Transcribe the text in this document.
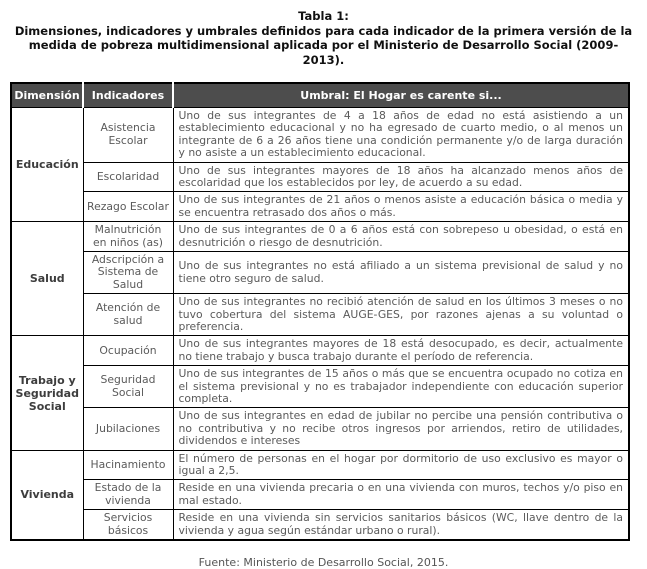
Tabla 1:
Dimensiones, indicadores y umbrales definidos para cada indicador de la primera versión de la medida de pobreza multidimensional aplicada por el Ministerio de Desarrollo Social (2009-2013).
Dimensión	Indicadores	Umbral: El Hogar es carente si...
Educación	Asistencia Escolar	Uno de sus integrantes de 4 a 18 años de edad no está asistiendo a un establecimiento educacional y no ha egresado de cuarto medio, o al menos un integrante de 6 a 26 años tiene una condición permanente y/o de larga duración y no asiste a un establecimiento educacional.
	Escolaridad	Uno de sus integrantes mayores de 18 años ha alcanzado menos años de escolaridad que los establecidos por ley, de acuerdo a su edad.
	Rezago Escolar	Uno de sus integrantes de 21 años o menos asiste a educación básica o media y se encuentra retrasado dos años o más.
Salud	Malnutrición en niños (as)	Uno de sus integrantes de 0 a 6 años está con sobrepeso u obesidad, o está en desnutrición o riesgo de desnutrición.
	Adscripción a Sistema de Salud	Uno de sus integrantes no está afiliado a un sistema previsional de salud y no tiene otro seguro de salud.
	Atención de salud	Uno de sus integrantes no recibió atención de salud en los últimos 3 meses o no tuvo cobertura del sistema AUGE-GES, por razones ajenas a su voluntad o preferencia.
Trabajo y Seguridad Social	Ocupación	Uno de sus integrantes mayores de 18 está desocupado, es decir, actualmente no tiene trabajo y busca trabajo durante el período de referencia.
	Seguridad Social	Uno de sus integrantes de 15 años o más que se encuentra ocupado no cotiza en el sistema previsional y no es trabajador independiente con educación superior completa.
	Jubilaciones	Uno de sus integrantes en edad de jubilar no percibe una pensión contributiva o no contributiva y no recibe otros ingresos por arriendos, retiro de utilidades, dividendos e intereses
Vivienda	Hacinamiento	El número de personas en el hogar por dormitorio de uso exclusivo es mayor o igual a 2,5.
	Estado de la vivienda	Reside en una vivienda precaria o en una vivienda con muros, techos y/o piso en mal estado.
	Servicios básicos	Reside en una vivienda sin servicios sanitarios básicos (WC, llave dentro de la vivienda y agua según estándar urbano o rural).
Fuente: Ministerio de Desarrollo Social, 2015.
